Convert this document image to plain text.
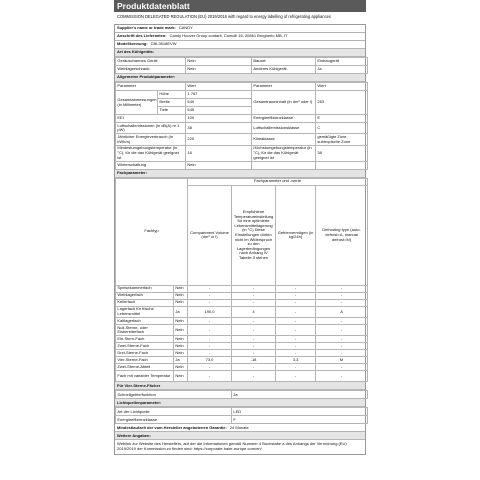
Produktdatenblatt
COMMISSION DELEGATED REGULATION (EU) 2019/2016 with regard to energy labelling of refrigerating appliances
Supplier's name or trade mark: CANDY
Anschrift des Lieferanten: Candy Hoover Group contarit, Comolli 16, 20861 Brugherio MB, IT
Modellkennung: CBL3518EVW
Art des Kühlgeräts:
Geräuscharmes Gerät:	Nein	Bauart:	Einbaugerät
Weinlagerschrank:	Nein	Anderes Kühlgerät:	Ja
Allgemeine Produktparameter:
Parameter		Wert	Parameter	Wert
Gesamtabmessungen (in Millimeter)	Höhe	1 767	Gesamtrauminhalt (in dm³ oder l)	263
	Breite	540		
	Tiefe	545		
EEI		100	Energieeffizienzklasse	E
Luftschallemissionen (in dB(A) re 1 pW)		38	Luftschallemissionsklasse	C
Jährlicher Energieverbrauch (in kWh/a)		220	Klimaklasse	gemäßigte Zone, subtropische Zone
Mindestumgebungstemperatur (in °C), für die das Kühlgerät geeignet ist		16	Höchstumgebungstemperatur (in °C), für die das Kühlgerät geeignet ist	38
Winterschaltung		Nein		
Fachparameter:
Fachtyp		Fachparameter und -werte			
		Compartment Volume (dm³ or l)	Empfohlene Temperatureinstellung für eine optimierte Lebensmittellagerung (in °C) Diese Einstellungen dürfen nicht im Widerspruch zu den Lagerbedingungen nach Anhang IV Tabelle 3 stehen	Gefriervermögen (in kg/24h)	Defrosting type (auto-defrost=A, manual defrost=M)
Speisekammerfach	Nein	-	-	-	-
Weinlagerfach	Nein	-	-	-	-
Kellerfach	Nein	-	-	-	-
Lagerfach für frische Lebensmittel	Ja	190,0	4	-	A
Kaltlagerfach	Nein	-	-	-	-
Null-Sterne- oder Eisbereiterfach	Nein	-	-	-	-
Ein-Stern-Fach	Nein	-	-	-	-
Zwei-Sterne-Fach	Nein	-	-	-	-
Drei-Sterne-Fach	Nein	-	-	-	-
Vier-Sterne-Fach	Ja	73,0	-18	3,3	M
Zwei-Sterne-Abteil	Nein	-	-	-	-
Fach mit variabler Temperatur	Nein	-	-	-	-
Für Vier-Sterne-Fächer
Schnellgefrierfunktion	Ja
Lichtquellenparameter:
Art der Lichtquelle	LED
Energieeffizienzklasse	F
Mindestlaufzeit der vom Hersteller angebotenen Garantie: 24 Monate
Weitere Angaben:
Weblink zur Website des Herstellers, auf der die Informationen gemäß Nummer 4 Buchstabe a des Anhangs der Verordnung (EU) 2019/2019 der Kommission zu finden sind: https://corporate.haier-europe.com/en/
